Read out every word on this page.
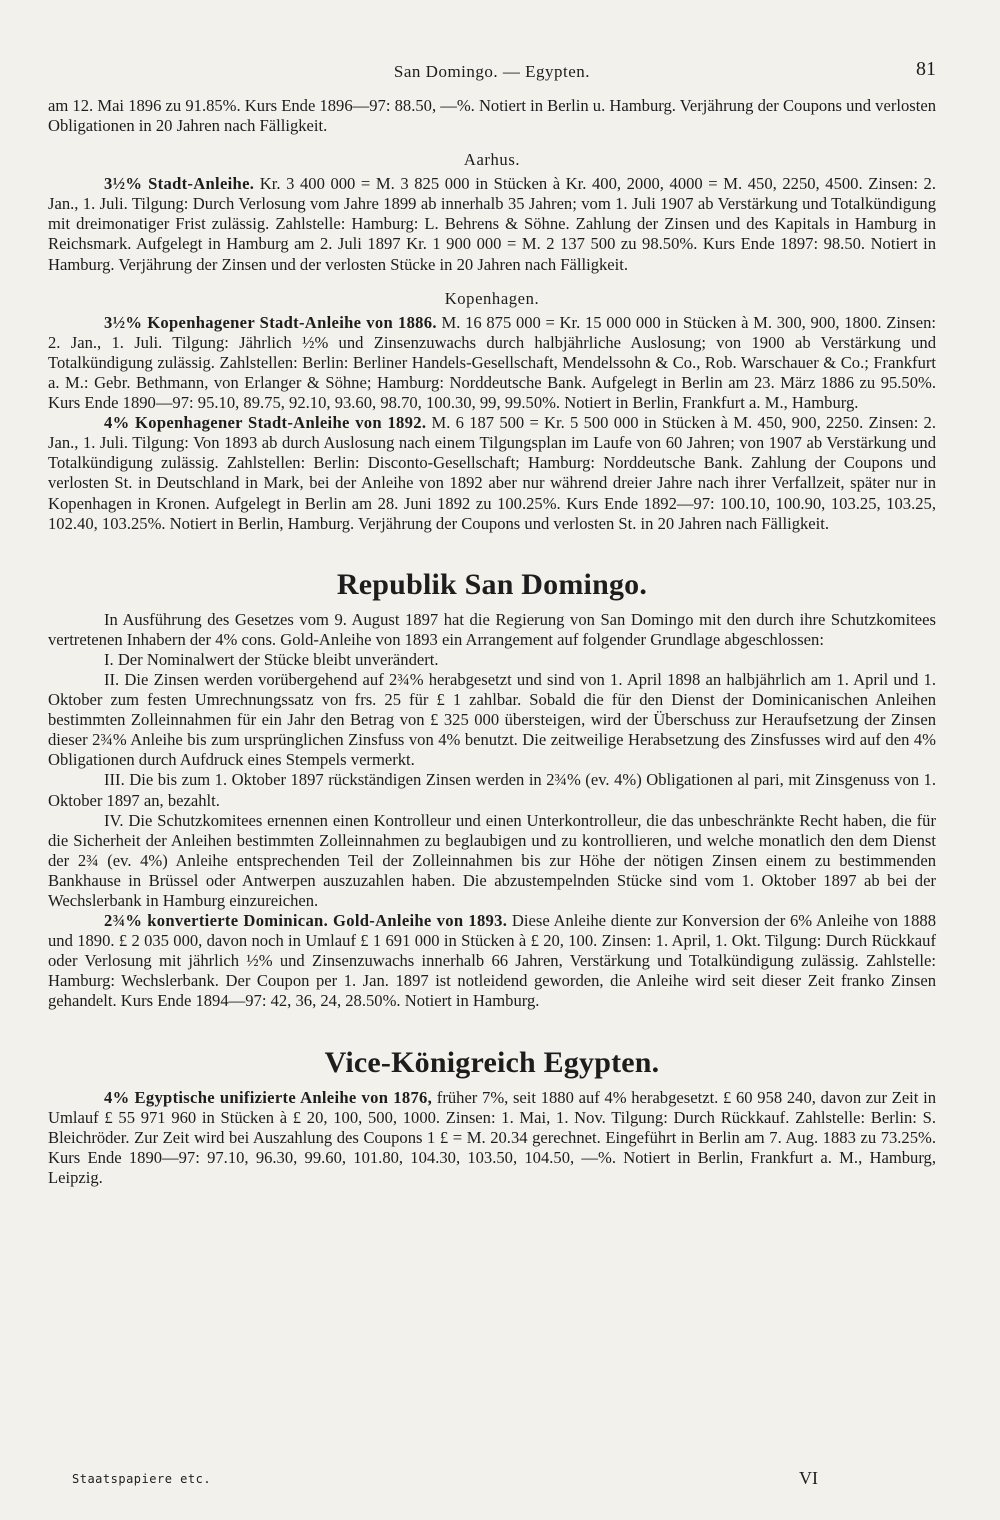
San Domingo. — Egypten.	81

am 12. Mai 1896 zu 91.85%. Kurs Ende 1896—97: 88.50, —%. Notiert in Berlin u. Hamburg. Verjährung der Coupons und verlosten Obligationen in 20 Jahren nach Fälligkeit.

Aarhus.

3½% Stadt-Anleihe. Kr. 3 400 000 = M. 3 825 000 in Stücken à Kr. 400, 2000, 4000 = M. 450, 2250, 4500. Zinsen: 2. Jan., 1. Juli. Tilgung: Durch Verlosung vom Jahre 1899 ab innerhalb 35 Jahren; vom 1. Juli 1907 ab Verstärkung und Totalkündigung mit dreimonatiger Frist zulässig. Zahlstelle: Hamburg: L. Behrens & Söhne. Zahlung der Zinsen und des Kapitals in Hamburg in Reichsmark. Aufgelegt in Hamburg am 2. Juli 1897 Kr. 1 900 000 = M. 2 137 500 zu 98.50%. Kurs Ende 1897: 98.50. Notiert in Hamburg. Verjährung der Zinsen und der verlosten Stücke in 20 Jahren nach Fälligkeit.

Kopenhagen.

3½% Kopenhagener Stadt-Anleihe von 1886. M. 16 875 000 = Kr. 15 000 000 in Stücken à M. 300, 900, 1800. Zinsen: 2. Jan., 1. Juli. Tilgung: Jährlich ½% und Zinsenzuwachs durch halbjährliche Auslosung; von 1900 ab Verstärkung und Totalkündigung zulässig. Zahlstellen: Berlin: Berliner Handels-Gesellschaft, Mendelssohn & Co., Rob. Warschauer & Co.; Frankfurt a. M.: Gebr. Bethmann, von Erlanger & Söhne; Hamburg: Norddeutsche Bank. Aufgelegt in Berlin am 23. März 1886 zu 95.50%. Kurs Ende 1890—97: 95.10, 89.75, 92.10, 93.60, 98.70, 100.30, 99, 99.50%. Notiert in Berlin, Frankfurt a. M., Hamburg.

4% Kopenhagener Stadt-Anleihe von 1892. M. 6 187 500 = Kr. 5 500 000 in Stücken à M. 450, 900, 2250. Zinsen: 2. Jan., 1. Juli. Tilgung: Von 1893 ab durch Auslosung nach einem Tilgungsplan im Laufe von 60 Jahren; von 1907 ab Verstärkung und Totalkündigung zulässig. Zahlstellen: Berlin: Disconto-Gesellschaft; Hamburg: Norddeutsche Bank. Zahlung der Coupons und verlosten St. in Deutschland in Mark, bei der Anleihe von 1892 aber nur während dreier Jahre nach ihrer Verfallzeit, später nur in Kopenhagen in Kronen. Aufgelegt in Berlin am 28. Juni 1892 zu 100.25%. Kurs Ende 1892—97: 100.10, 100.90, 103.25, 103.25, 102.40, 103.25%. Notiert in Berlin, Hamburg. Verjährung der Coupons und verlosten St. in 20 Jahren nach Fälligkeit.

Republik San Domingo.

In Ausführung des Gesetzes vom 9. August 1897 hat die Regierung von San Domingo mit den durch ihre Schutzkomitees vertretenen Inhabern der 4% cons. Gold-Anleihe von 1893 ein Arrangement auf folgender Grundlage abgeschlossen:

I. Der Nominalwert der Stücke bleibt unverändert.

II. Die Zinsen werden vorübergehend auf 2¾% herabgesetzt und sind von 1. April 1898 an halbjährlich am 1. April und 1. Oktober zum festen Umrechnungssatz von frs. 25 für £ 1 zahlbar. Sobald die für den Dienst der Dominicanischen Anleihen bestimmten Zolleinnahmen für ein Jahr den Betrag von £ 325 000 übersteigen, wird der Überschuss zur Heraufsetzung der Zinsen dieser 2¾% Anleihe bis zum ursprünglichen Zinsfuss von 4% benutzt. Die zeitweilige Herabsetzung des Zinsfusses wird auf den 4% Obligationen durch Aufdruck eines Stempels vermerkt.

III. Die bis zum 1. Oktober 1897 rückständigen Zinsen werden in 2¾% (ev. 4%) Obligationen al pari, mit Zinsgenuss von 1. Oktober 1897 an, bezahlt.

IV. Die Schutzkomitees ernennen einen Kontrolleur und einen Unterkontrolleur, die das unbeschränkte Recht haben, die für die Sicherheit der Anleihen bestimmten Zolleinnahmen zu beglaubigen und zu kontrollieren, und welche monatlich den dem Dienst der 2¾ (ev. 4%) Anleihe entsprechenden Teil der Zolleinnahmen bis zur Höhe der nötigen Zinsen einem zu bestimmenden Bankhause in Brüssel oder Antwerpen auszuzahlen haben. Die abzustempelnden Stücke sind vom 1. Oktober 1897 ab bei der Wechslerbank in Hamburg einzureichen.

2¾% konvertierte Dominican. Gold-Anleihe von 1893. Diese Anleihe diente zur Konversion der 6% Anleihe von 1888 und 1890. £ 2 035 000, davon noch in Umlauf £ 1 691 000 in Stücken à £ 20, 100. Zinsen: 1. April, 1. Okt. Tilgung: Durch Rückkauf oder Verlosung mit jährlich ½% und Zinsenzuwachs innerhalb 66 Jahren, Verstärkung und Totalkündigung zulässig. Zahlstelle: Hamburg: Wechslerbank. Der Coupon per 1. Jan. 1897 ist notleidend geworden, die Anleihe wird seit dieser Zeit franko Zinsen gehandelt. Kurs Ende 1894—97: 42, 36, 24, 28.50%. Notiert in Hamburg.

Vice-Königreich Egypten.

4% Egyptische unifizierte Anleihe von 1876, früher 7%, seit 1880 auf 4% herabgesetzt. £ 60 958 240, davon zur Zeit in Umlauf £ 55 971 960 in Stücken à £ 20, 100, 500, 1000. Zinsen: 1. Mai, 1. Nov. Tilgung: Durch Rückkauf. Zahlstelle: Berlin: S. Bleichröder. Zur Zeit wird bei Auszahlung des Coupons 1 £ = M. 20.34 gerechnet. Eingeführt in Berlin am 7. Aug. 1883 zu 73.25%. Kurs Ende 1890—97: 97.10, 96.30, 99.60, 101.80, 104.30, 103.50, 104.50, —%. Notiert in Berlin, Frankfurt a. M., Hamburg, Leipzig.

Staatspapiere etc.	VI
